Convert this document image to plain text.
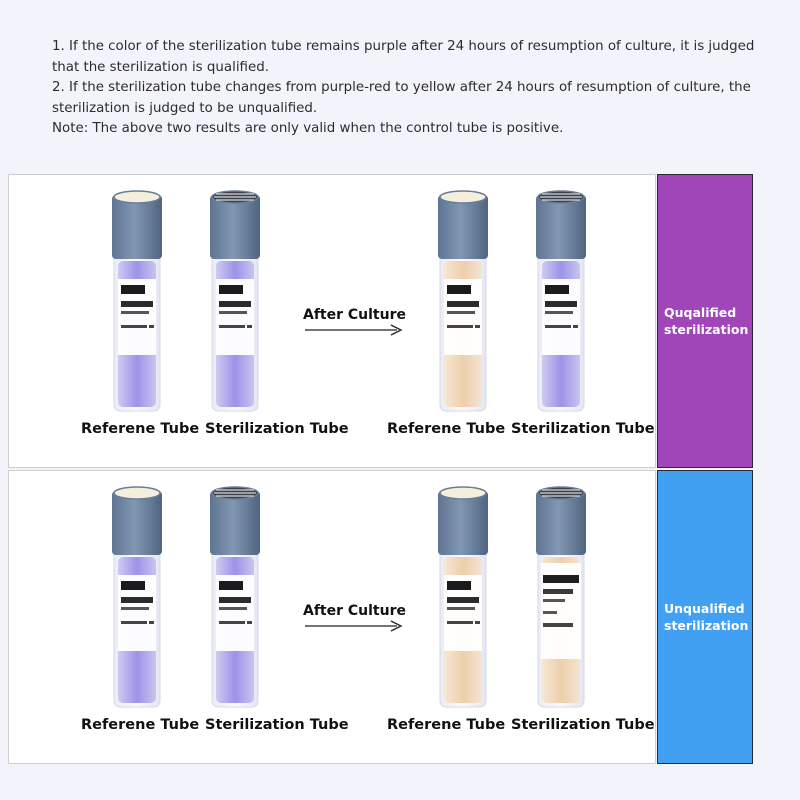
1. If the color of the sterilization tube remains purple after 24 hours of resumption of culture, it is judged that the sterilization is qualified.

2. If the sterilization tube changes from purple-red to yellow after 24 hours of resumption of culture, the sterilization is judged to be unqualified.

Note: The above two results are only valid when the control tube is positive.

Referene Tube Sterilization Tube	Referene Tube Sterilization Tube
After Culture	Quqalified sterilization
Referene Tube Sterilization Tube	Referene Tube Sterilization Tube
After Culture	Unqualified sterilization
